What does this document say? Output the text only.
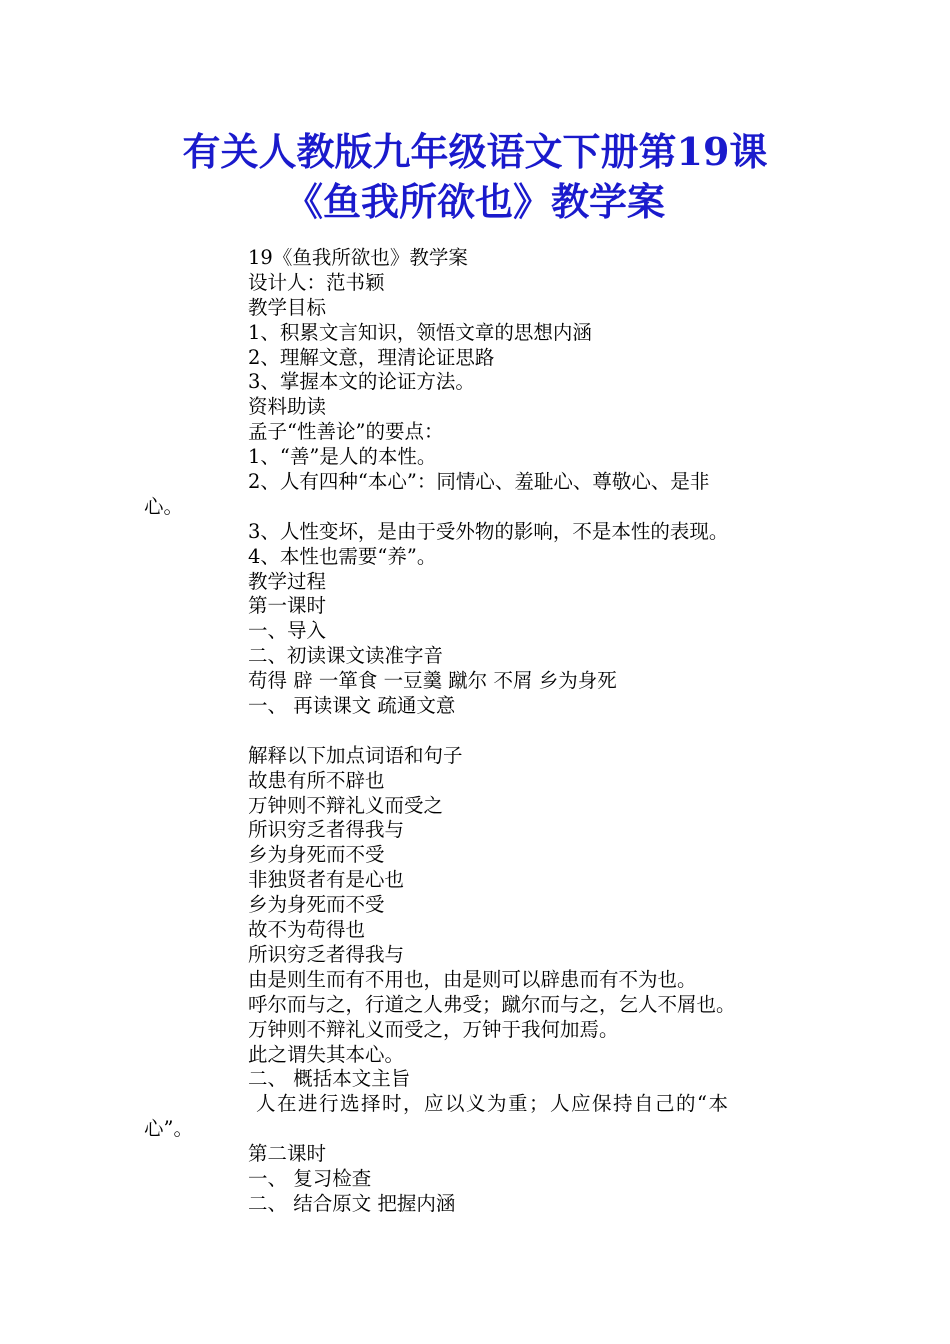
有关人教版九年级语文下册第19课
《鱼我所欲也》教学案
19《鱼我所欲也》教学案
设计人：范书颖
教学目标
1、积累文言知识，领悟文章的思想内涵
2、理解文意，理清论证思路
3、掌握本文的论证方法。
资料助读
孟子“性善论”的要点：
1、“善”是人的本性。
2、人有四种“本心”：同情心、羞耻心、尊敬心、是非
心。
3、人性变坏，是由于受外物的影响，不是本性的表现。
4、本性也需要“养”。
教学过程
第一课时
一、导入
二、初读课文读准字音
苟得 辟 一箪食 一豆羹 蹴尔 不屑 乡为身死
一、 再读课文 疏通文意
解释以下加点词语和句子
故患有所不辟也
万钟则不辩礼义而受之
所识穷乏者得我与
乡为身死而不受
非独贤者有是心也
乡为身死而不受
故不为苟得也
所识穷乏者得我与
由是则生而有不用也，由是则可以辟患而有不为也。
呼尔而与之，行道之人弗受；蹴尔而与之，乞人不屑也。
万钟则不辩礼义而受之，万钟于我何加焉。
此之谓失其本心。
二、 概括本文主旨
人在进行选择时，应以义为重；人应保持自己的“本
心”。
第二课时
一、 复习检查
二、 结合原文 把握内涵
